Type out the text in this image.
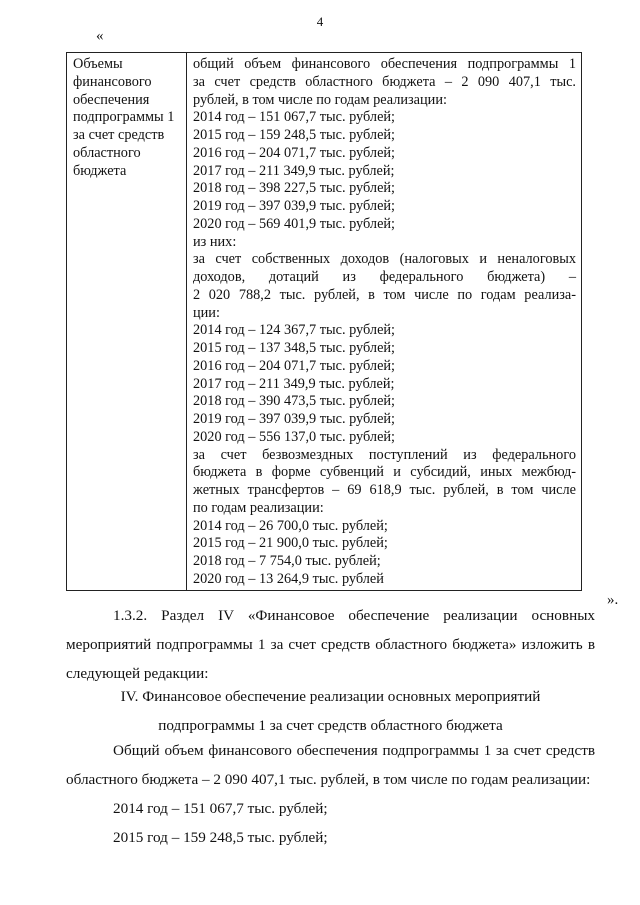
4
«
Объемы
финансового
обеспечения
подпрограммы 1
за счет средств
областного
бюджета

общий объем финансового обеспечения подпрограммы 1
за счет средств областного бюджета – 2 090 407,1 тыс.
рублей, в том числе по годам реализации:
2014 год – 151 067,7 тыс. рублей;
2015 год – 159 248,5 тыс. рублей;
2016 год – 204 071,7 тыс. рублей;
2017 год – 211 349,9 тыс. рублей;
2018 год – 398 227,5 тыс. рублей;
2019 год – 397 039,9 тыс. рублей;
2020 год – 569 401,9 тыс. рублей;
из них:
за счет собственных доходов (налоговых и неналоговых
доходов, дотаций из федерального бюджета) –
2 020 788,2 тыс. рублей, в том числе по годам реализа-
ции:
2014 год – 124 367,7 тыс. рублей;
2015 год – 137 348,5 тыс. рублей;
2016 год – 204 071,7 тыс. рублей;
2017 год – 211 349,9 тыс. рублей;
2018 год – 390 473,5 тыс. рублей;
2019 год – 397 039,9 тыс. рублей;
2020 год – 556 137,0 тыс. рублей;
за счет безвозмездных поступлений из федерального
бюджета в форме субвенций и субсидий, иных межбюд-
жетных трансфертов – 69 618,9 тыс. рублей, в том числе
по годам реализации:
2014 год – 26 700,0 тыс. рублей;
2015 год – 21 900,0 тыс. рублей;
2018 год – 7 754,0 тыс. рублей;
2020 год – 13 264,9 тыс. рублей
».
1.3.2. Раздел IV «Финансовое обеспечение реализации основных мероприятий подпрограммы 1 за счет средств областного бюджета» изложить в следующей редакции:
IV. Финансовое обеспечение реализации основных мероприятий
подпрограммы 1 за счет средств областного бюджета
Общий объем финансового обеспечения подпрограммы 1 за счет средств областного бюджета – 2 090 407,1 тыс. рублей, в том числе по годам реализации:
2014 год – 151 067,7 тыс. рублей;
2015 год – 159 248,5 тыс. рублей;
